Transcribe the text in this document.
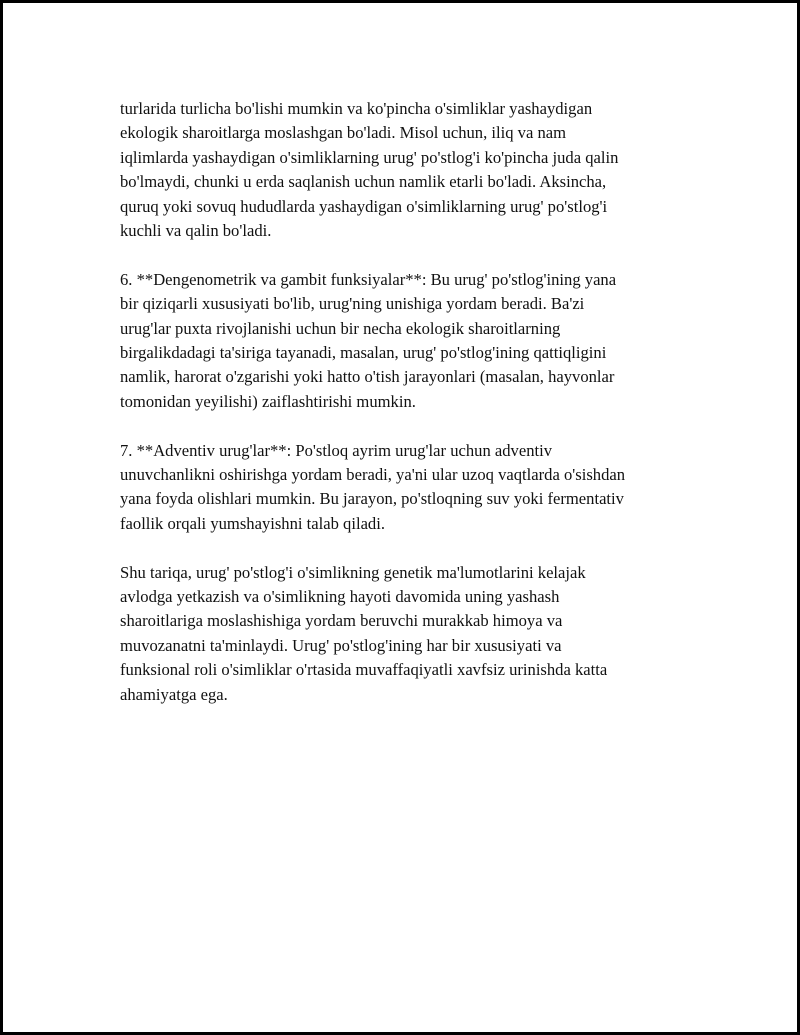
turlarida turlicha bo'lishi mumkin va ko'pincha o'simliklar yashaydigan
ekologik sharoitlarga moslashgan bo'ladi. Misol uchun, iliq va nam
iqlimlarda yashaydigan o'simliklarning urug' po'stlog'i ko'pincha juda qalin
bo'lmaydi, chunki u erda saqlanish uchun namlik etarli bo'ladi. Aksincha,
quruq yoki sovuq hududlarda yashaydigan o'simliklarning urug' po'stlog'i
kuchli va qalin bo'ladi.

6. **Dengenometrik va gambit funksiyalar**: Bu urug' po'stlog'ining yana
bir qiziqarli xususiyati bo'lib, urug'ning unishiga yordam beradi. Ba'zi
urug'lar puxta rivojlanishi uchun bir necha ekologik sharoitlarning
birgalikdadagi ta'siriga tayanadi, masalan, urug' po'stlog'ining qattiqligini
namlik, harorat o'zgarishi yoki hatto o'tish jarayonlari (masalan, hayvonlar
tomonidan yeyilishi) zaiflashtirishi mumkin.

7. **Adventiv urug'lar**: Po'stloq ayrim urug'lar uchun adventiv
unuvchanlikni oshirishga yordam beradi, ya'ni ular uzoq vaqtlarda o'sishdan
yana foyda olishlari mumkin. Bu jarayon, po'stloqning suv yoki fermentativ
faollik orqali yumshayishni talab qiladi.

Shu tariqa, urug' po'stlog'i o'simlikning genetik ma'lumotlarini kelajak
avlodga yetkazish va o'simlikning hayoti davomida uning yashash
sharoitlariga moslashishiga yordam beruvchi murakkab himoya va
muvozanatni ta'minlaydi. Urug' po'stlog'ining har bir xususiyati va
funksional roli o'simliklar o'rtasida muvaffaqiyatli xavfsiz urinishda katta
ahamiyatga ega.
